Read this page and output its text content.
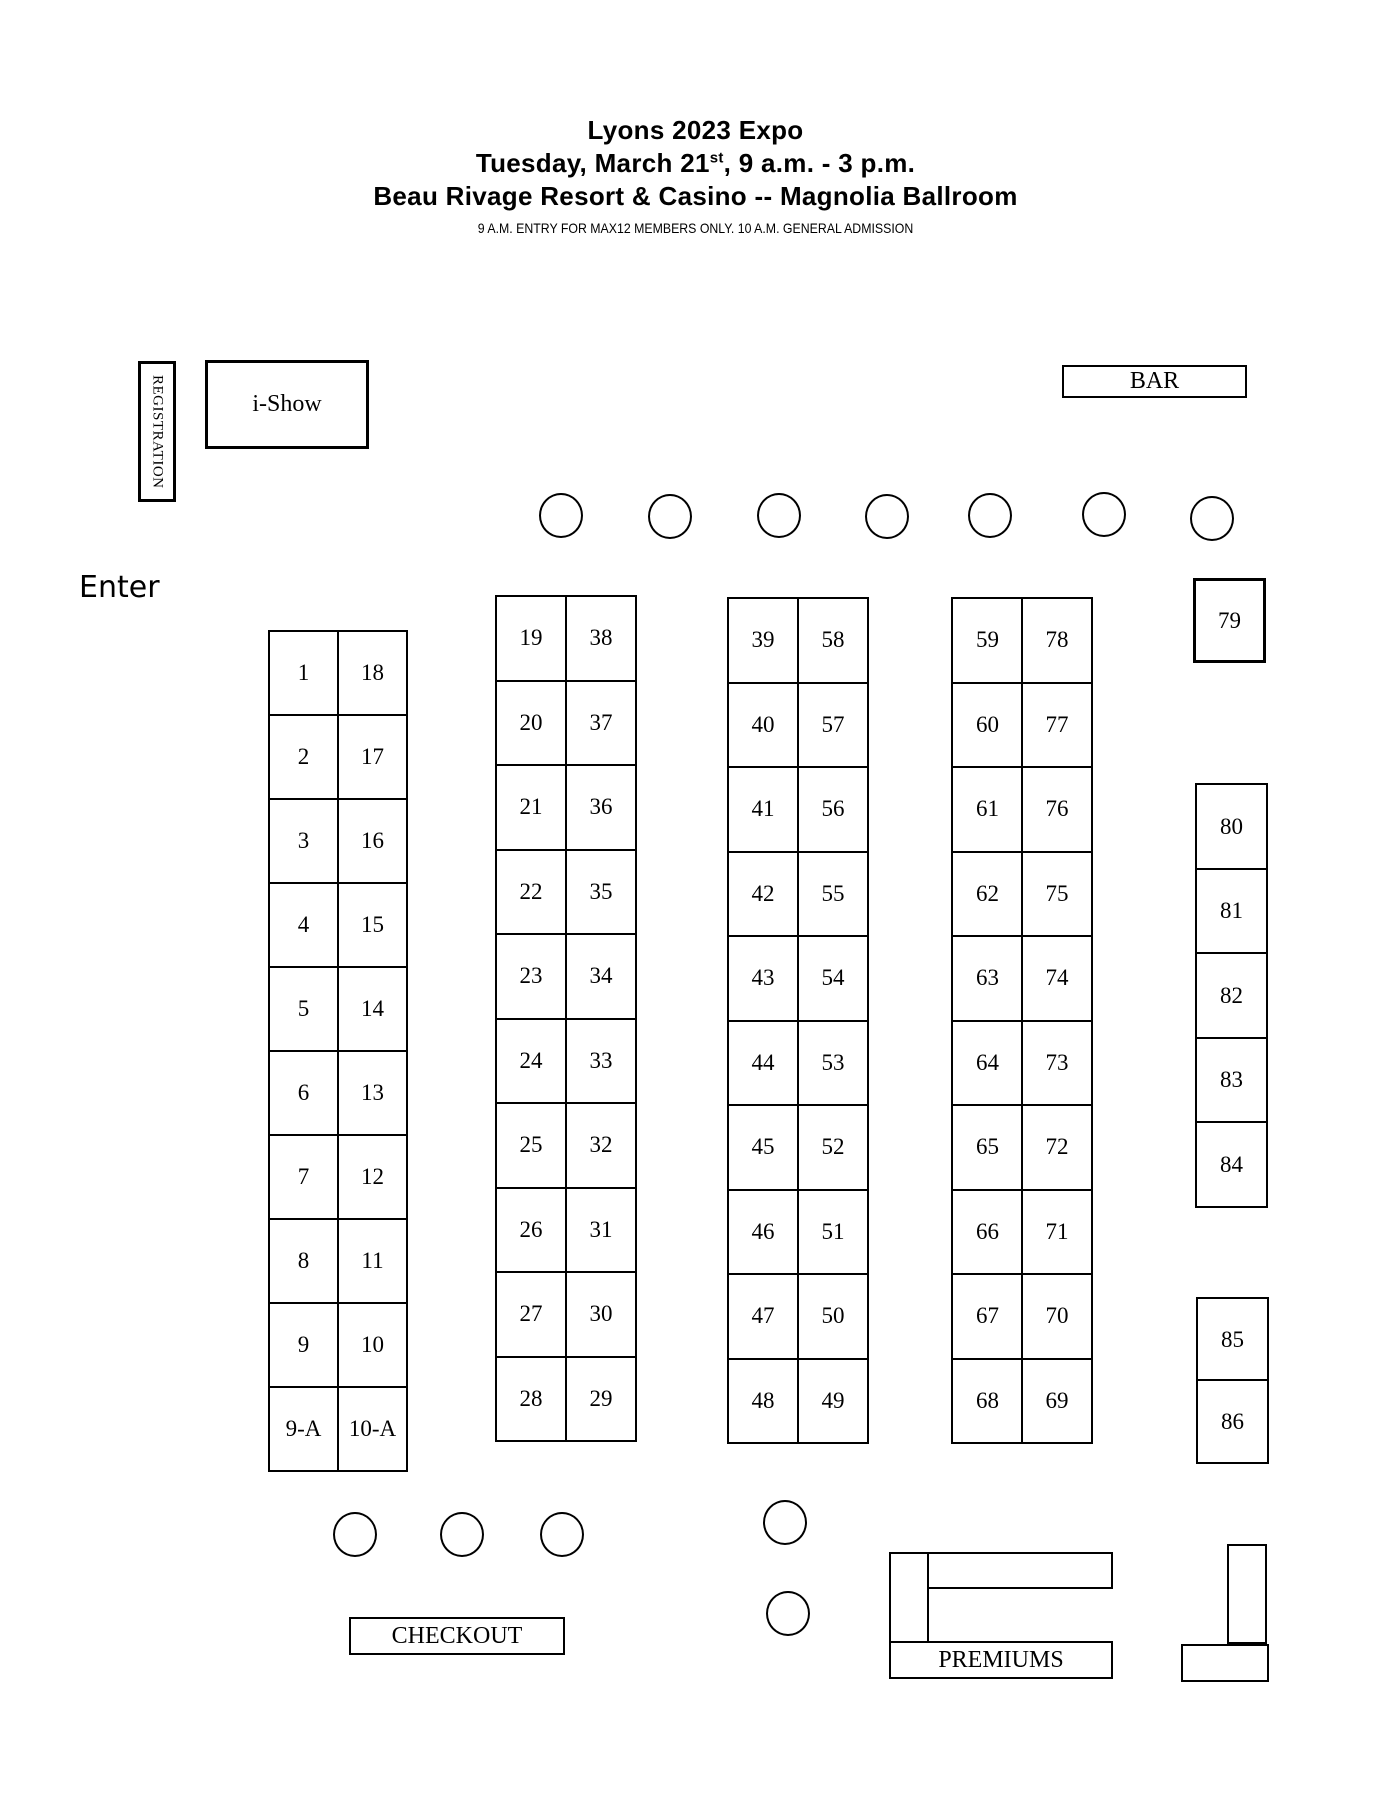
Lyons 2023 Expo
Tuesday, March 21st, 9 a.m. - 3 p.m.
Beau Rivage Resort & Casino -- Magnolia Ballroom
9 A.M. ENTRY FOR MAX12 MEMBERS ONLY. 10 A.M. GENERAL ADMISSION
REGISTRATION	i-Show
BAR
Enter
1	18
2	17
3	16
4	15
5	14
6	13
7	12
8	11
9	10
9-A	10-A
19	38
20	37
21	36
22	35
23	34
24	33
25	32
26	31
27	30
28	29
39	58
40	57
41	56
42	55
43	54
44	53
45	52
46	51
47	50
48	49
59	78
60	77
61	76
62	75
63	74
64	73
65	72
66	71
67	70
68	69
79
80
81
82
83
84
85
86
CHECKOUT
PREMIUMS
